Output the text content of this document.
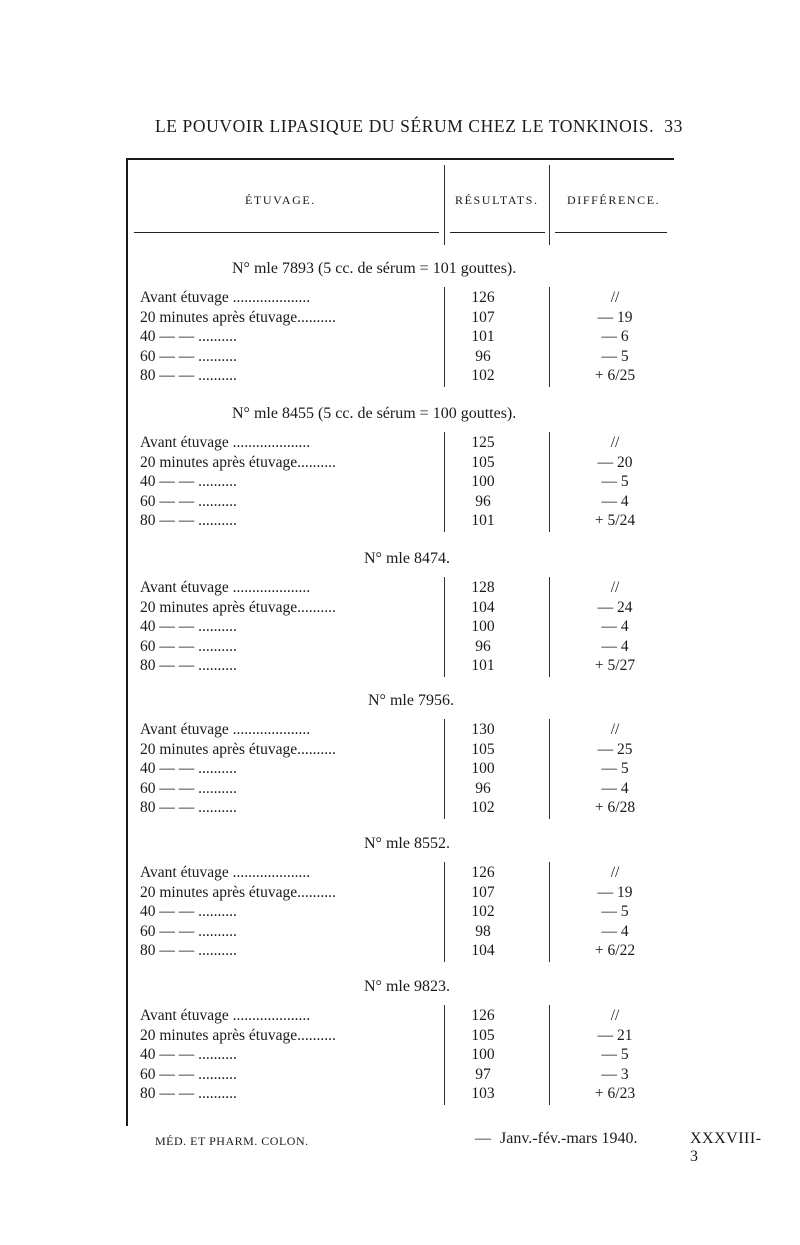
LE POUVOIR LIPASIQUE DU SÉRUM CHEZ LE TONKINOIS. 33
ÉTUVAGE.	RÉSULTATS. DIFFÉRENCE.
N° mle 7893 (5 cc. de sérum = 101 gouttes).
Avant étuvage ....................	126	//
20 minutes après étuvage..........	107	— 19
40 — — ..........	101	— 6
60 — — ..........	96	— 5
80 — — ..........	102	+ 6/25
N° mle 8455 (5 cc. de sérum = 100 gouttes).
Avant étuvage ....................	125	//
20 minutes après étuvage..........	105	— 20
40 — — ..........	100	— 5
60 — — ..........	96	— 4
80 — — ..........	101	+ 5/24
N° mle 8474.
Avant étuvage ....................	128	//
20 minutes après étuvage..........	104	— 24
40 — — ..........	100	— 4
60 — — ..........	96	— 4
80 — — ..........	101	+ 5/27
N° mle 7956.
Avant étuvage ....................	130	//
20 minutes après étuvage..........	105	— 25
40 — — ..........	100	— 5
60 — — ..........	96	— 4
80 — — ..........	102	+ 6/28
N° mle 8552.
Avant étuvage ....................	126	//
20 minutes après étuvage..........	107	— 19
40 — — ..........	102	— 5
60 — — ..........	98	— 4
80 — — ..........	104	+ 6/22
N° mle 9823.
Avant étuvage ....................	126	//
20 minutes après étuvage..........	105	— 21
40 — — ..........	100	— 5
60 — — ..........	97	— 3
80 — — ..........	103	+ 6/23
MÉD. ET PHARM. COLON.	— Janv.-fév.-mars 1940.	XXXVIII-3
